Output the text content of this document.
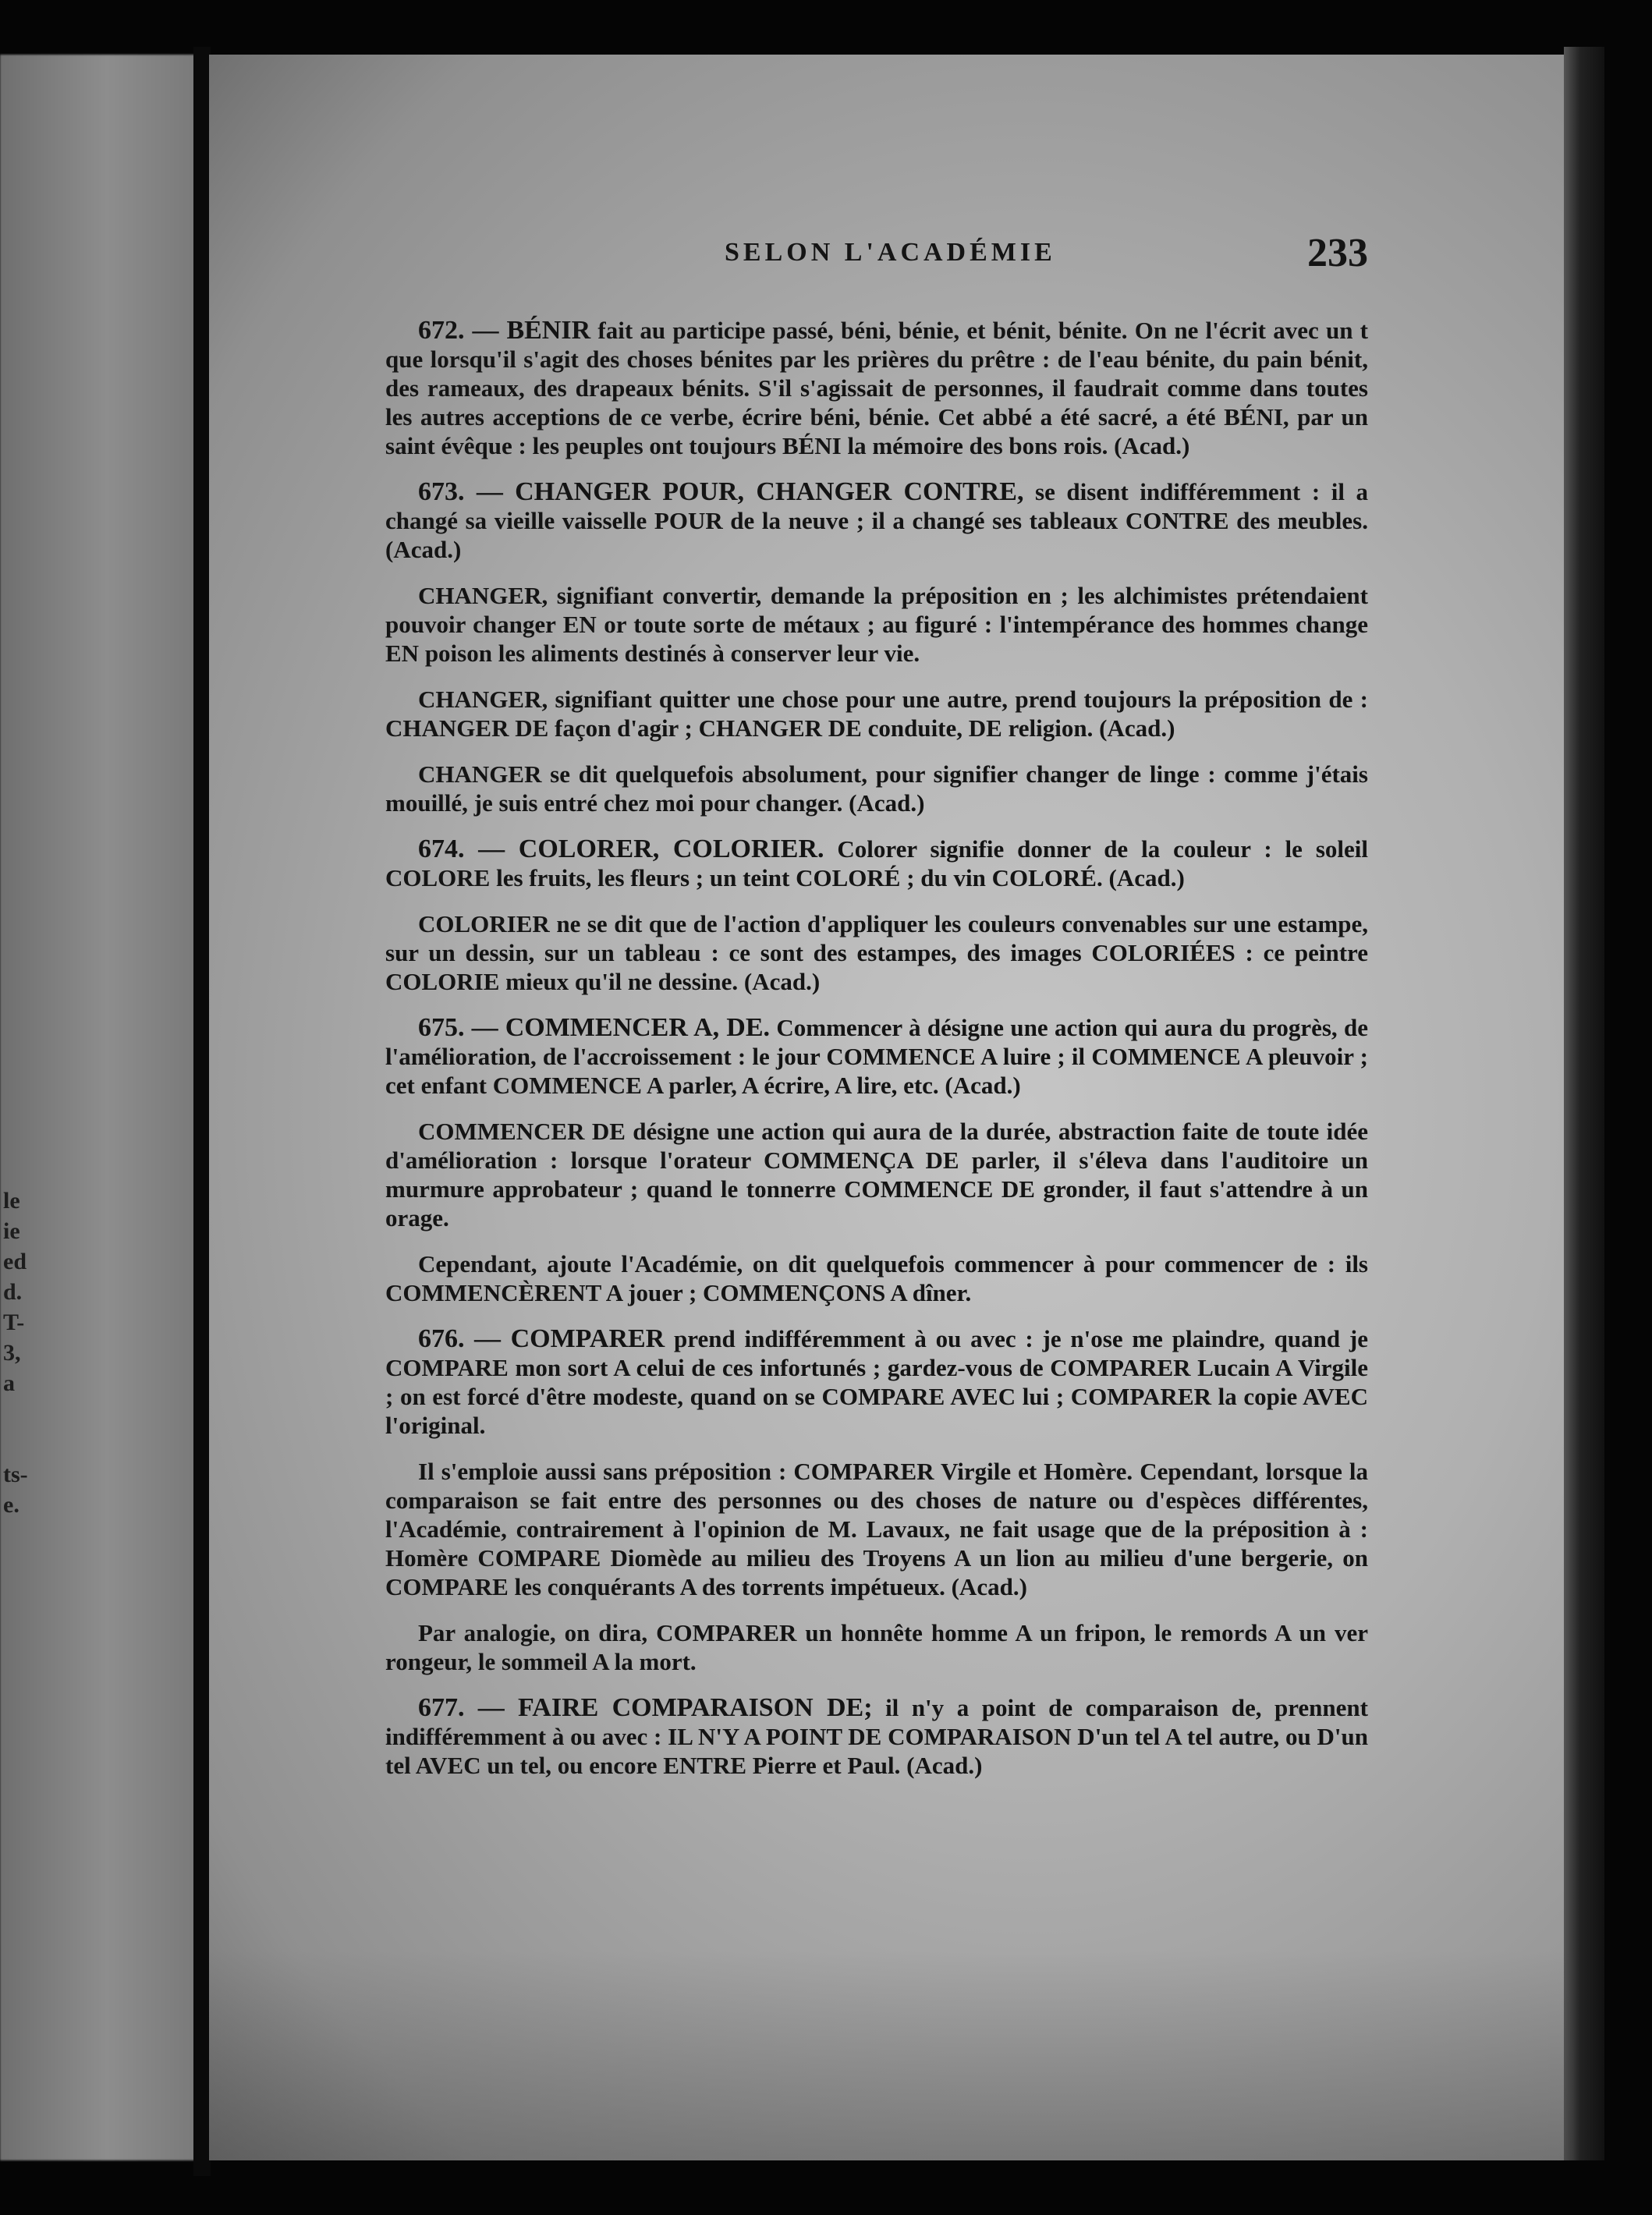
le
ie
ed
d.
T-
3,
a

ts-
e.
SELON L'ACADÉMIE	233

672. — BÉNIR fait au participe passé, béni, bénie, et bénit, bénite. On ne l'écrit avec un t que lorsqu'il s'agit des choses bénites par les prières du prêtre : de l'eau bénite, du pain bénit, des rameaux, des drapeaux bénits. S'il s'agissait de personnes, il faudrait comme dans toutes les autres acceptions de ce verbe, écrire béni, bénie. Cet abbé a été sacré, a été BÉNI, par un saint évêque : les peuples ont toujours BÉNI la mémoire des bons rois. (Acad.)

673. — CHANGER POUR, CHANGER CONTRE, se disent indifféremment : il a changé sa vieille vaisselle POUR de la neuve ; il a changé ses tableaux CONTRE des meubles. (Acad.)

CHANGER, signifiant convertir, demande la préposition en ; les alchimistes prétendaient pouvoir changer EN or toute sorte de métaux ; au figuré : l'intempérance des hommes change EN poison les aliments destinés à conserver leur vie.

CHANGER, signifiant quitter une chose pour une autre, prend toujours la préposition de : CHANGER DE façon d'agir ; CHANGER DE conduite, DE religion. (Acad.)

CHANGER se dit quelquefois absolument, pour signifier changer de linge : comme j'étais mouillé, je suis entré chez moi pour changer. (Acad.)

674. — COLORER, COLORIER. Colorer signifie donner de la couleur : le soleil COLORE les fruits, les fleurs ; un teint COLORÉ ; du vin COLORÉ. (Acad.)

COLORIER ne se dit que de l'action d'appliquer les couleurs convenables sur une estampe, sur un dessin, sur un tableau : ce sont des estampes, des images COLORIÉES : ce peintre COLORIE mieux qu'il ne dessine. (Acad.)

675. — COMMENCER A, DE. Commencer à désigne une action qui aura du progrès, de l'amélioration, de l'accroissement : le jour COMMENCE A luire ; il COMMENCE A pleuvoir ; cet enfant COMMENCE A parler, A écrire, A lire, etc. (Acad.)

COMMENCER DE désigne une action qui aura de la durée, abstraction faite de toute idée d'amélioration : lorsque l'orateur COMMENÇA DE parler, il s'éleva dans l'auditoire un murmure approbateur ; quand le tonnerre COMMENCE DE gronder, il faut s'attendre à un orage.

Cependant, ajoute l'Académie, on dit quelquefois commencer à pour commencer de : ils COMMENCÈRENT A jouer ; COMMENÇONS A dîner.

676. — COMPARER prend indifféremment à ou avec : je n'ose me plaindre, quand je COMPARE mon sort A celui de ces infortunés ; gardez-vous de COMPARER Lucain A Virgile ; on est forcé d'être modeste, quand on se COMPARE AVEC lui ; COMPARER la copie AVEC l'original.

Il s'emploie aussi sans préposition : COMPARER Virgile et Homère. Cependant, lorsque la comparaison se fait entre des personnes ou des choses de nature ou d'espèces différentes, l'Académie, contrairement à l'opinion de M. Lavaux, ne fait usage que de la préposition à : Homère COMPARE Diomède au milieu des Troyens A un lion au milieu d'une bergerie, on COMPARE les conquérants A des torrents impétueux. (Acad.)

Par analogie, on dira, COMPARER un honnête homme A un fripon, le remords A un ver rongeur, le sommeil A la mort.

677. — FAIRE COMPARAISON DE; il n'y a point de comparaison de, prennent indifféremment à ou avec : IL N'Y A POINT DE COMPARAISON D'un tel A tel autre, ou D'un tel AVEC un tel, ou encore ENTRE Pierre et Paul. (Acad.)
